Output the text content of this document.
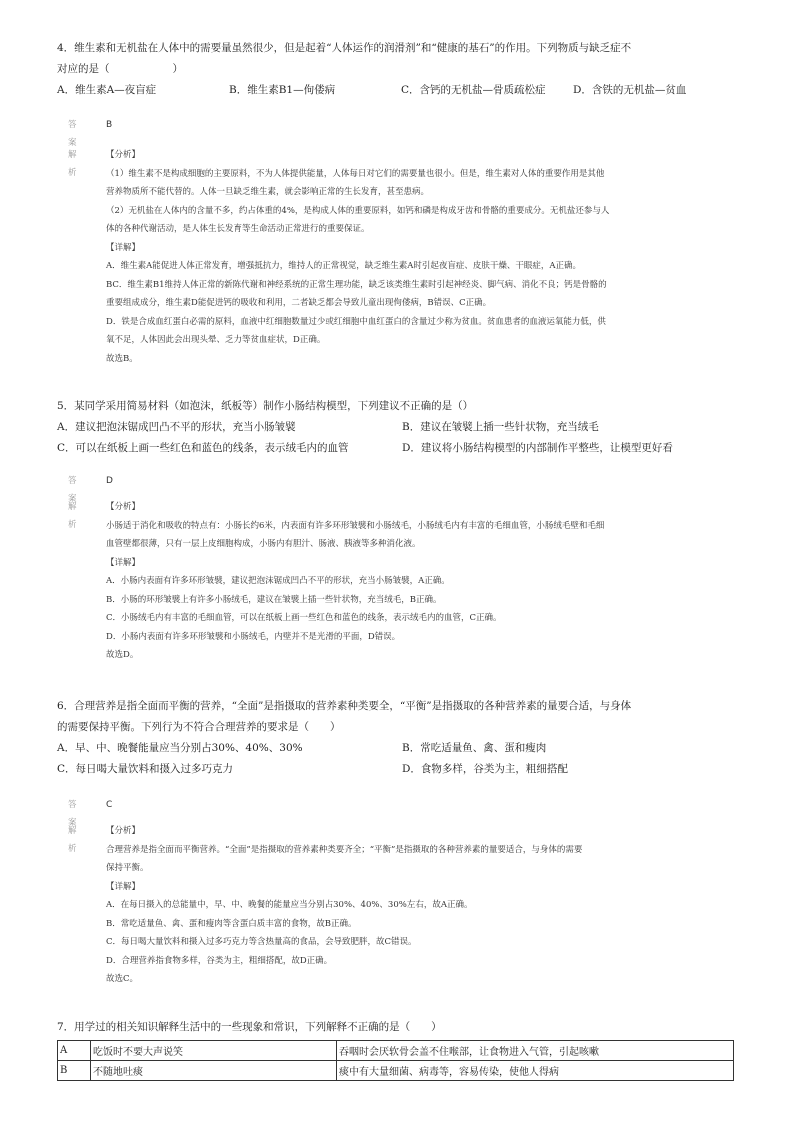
4．维生素和无机盐在人体中的需要量虽然很少，但是起着“人体运作的润滑剂”和“健康的基石”的作用。下列物质与缺乏症不
对应的是（　　　　　　）
A．维生素A—夜盲症	B．维生素B1—佝偻病	C．含钙的无机盐—骨质疏松症	D．含铁的无机盐—贫血
答案
B
解析
【分析】
（1）维生素不是构成细胞的主要原料，不为人体提供能量，人体每日对它们的需要量也很小。但是，维生素对人体的重要作用是其他
营养物质所不能代替的。人体一旦缺乏维生素，就会影响正常的生长发育，甚至患病。
（2）无机盐在人体内的含量不多，约占体重的4%，是构成人体的重要原料，如钙和磷是构成牙齿和骨骼的重要成分。无机盐还参与人
体的各种代谢活动，是人体生长发育等生命活动正常进行的重要保证。
【详解】
A．维生素A能促进人体正常发育，增强抵抗力，维持人的正常视觉，缺乏维生素A时引起夜盲症、皮肤干燥、干眼症，A正确。
BC．维生素B1维持人体正常的新陈代谢和神经系统的正常生理功能，缺乏该类维生素时引起神经炎、脚气病、消化不良；钙是骨骼的
重要组成成分，维生素D能促进钙的吸收和利用，二者缺乏都会导致儿童出现佝偻病，B错误、C正确。
D．铁是合成血红蛋白必需的原料，血液中红细胞数量过少或红细胞中血红蛋白的含量过少称为贫血。贫血患者的血液运氧能力低，供
氧不足，人体因此会出现头晕、乏力等贫血症状，D正确。
故选B。
5．某同学采用简易材料（如泡沫，纸板等）制作小肠结构模型，下列建议不正确的是（）
A．建议把泡沫锯成凹凸不平的形状，充当小肠皱襞	B．建议在皱襞上插一些针状物，充当绒毛
C．可以在纸板上画一些红色和蓝色的线条，表示绒毛内的血管	D．建议将小肠结构模型的内部制作平整些，让模型更好看
答案
D
解析
【分析】
小肠适于消化和吸收的特点有：小肠长约6米，内表面有许多环形皱襞和小肠绒毛，小肠绒毛内有丰富的毛细血管，小肠绒毛壁和毛细
血管壁都很薄，只有一层上皮细胞构成，小肠内有胆汁、肠液、胰液等多种消化液。
【详解】
A．小肠内表面有许多环形皱襞，建议把泡沫锯成凹凸不平的形状，充当小肠皱襞，A正确。
B．小肠的环形皱襞上有许多小肠绒毛，建议在皱襞上插一些针状物，充当绒毛，B正确。
C．小肠绒毛内有丰富的毛细血管，可以在纸板上画一些红色和蓝色的线条，表示绒毛内的血管，C正确。
D．小肠内表面有许多环形皱襞和小肠绒毛，内壁并不是光滑的平面，D错误。
故选D。
6．合理营养是指全面而平衡的营养，“全面”是指摄取的营养素种类要全，“平衡”是指摄取的各种营养素的量要合适，与身体
的需要保持平衡。下列行为不符合合理营养的要求是（　　）
A．早、中、晚餐能量应当分别占30%、40%、30%	B．常吃适量鱼、禽、蛋和瘦肉
C．每日喝大量饮料和摄入过多巧克力	D．食物多样，谷类为主，粗细搭配
答案
C
解析
【分析】
合理营养是指全面而平衡营养。“全面”是指摄取的营养素种类要齐全；“平衡”是指摄取的各种营养素的量要适合，与身体的需要
保持平衡。
【详解】
A．在每日摄入的总能量中，早、中、晚餐的能量应当分别占30%、40%、30%左右，故A正确。
B．常吃适量鱼、禽、蛋和瘦肉等含蛋白质丰富的食物，故B正确。
C．每日喝大量饮料和摄入过多巧克力等含热量高的食品，会导致肥胖，故C错误。
D．合理营养指食物多样，谷类为主，粗细搭配，故D正确。
故选C。
7．用学过的相关知识解释生活中的一些现象和常识，下列解释不正确的是（　　）
A	吃饭时不要大声说笑	吞咽时会厌软骨会盖不住喉部，让食物进入气管，引起咳嗽
B	不随地吐痰	痰中有大量细菌、病毒等，容易传染，使他人得病
